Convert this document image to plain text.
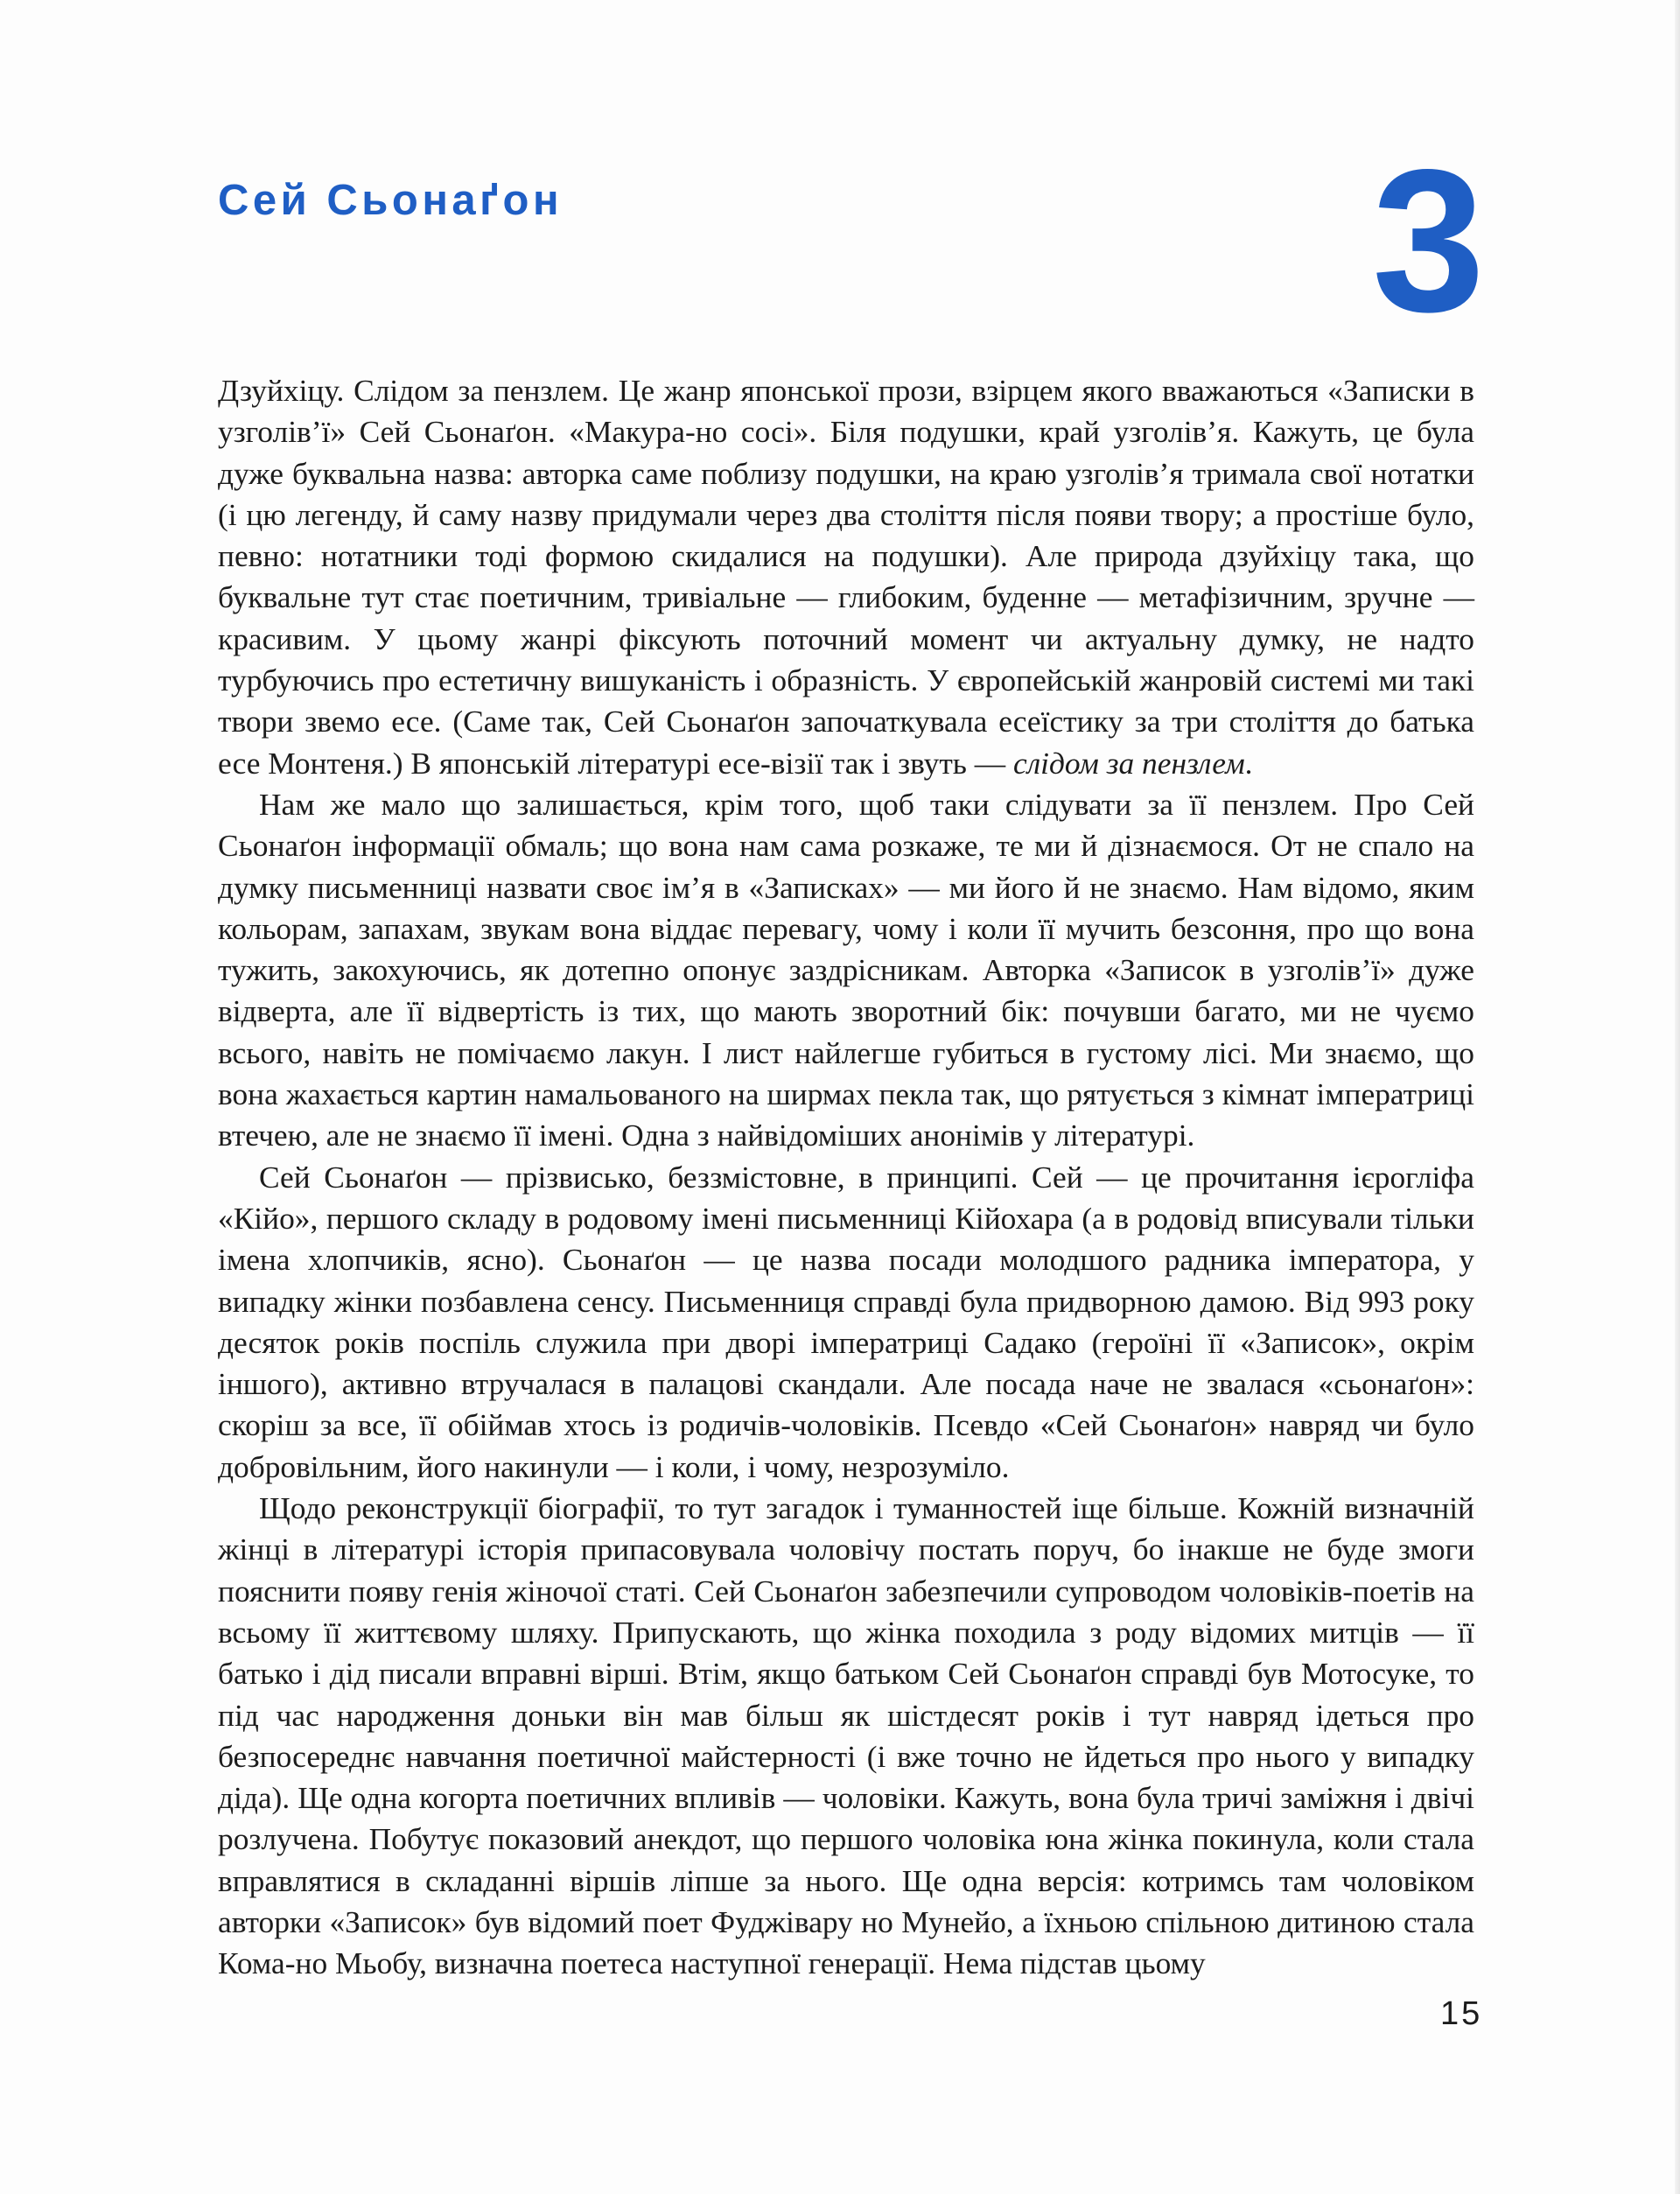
Сей Сьонаґон	3

Дзуйхіцу. Слідом за пензлем. Це жанр японської прози, взірцем якого вважаються «Записки в узголів’ї» Сей Сьонаґон. «Макура-но сосі». Біля подушки, край узголів’я. Кажуть, це була дуже буквальна назва: авторка саме поблизу подушки, на краю узголів’я тримала свої нотатки (і цю легенду, й саму назву придумали через два століття після появи твору; а простіше було, певно: нотатники тоді формою скидалися на подушки). Але природа дзуйхіцу така, що буквальне тут стає поетичним, тривіальне — глибоким, буденне — метафізичним, зручне — красивим. У цьому жанрі фіксують поточний момент чи актуальну думку, не надто турбуючись про естетичну вишуканість і образність. У європейській жанровій системі ми такі твори звемо есе. (Саме так, Сей Сьонаґон започаткувала есеїстику за три століття до батька есе Монтеня.) В японській літературі есе-візії так і звуть — слідом за пензлем.

Нам же мало що залишається, крім того, щоб таки слідувати за її пензлем. Про Сей Сьонаґон інформації обмаль; що вона нам сама розкаже, те ми й дізнаємося. От не спало на думку письменниці назвати своє ім’я в «Записках» — ми його й не знаємо. Нам відомо, яким кольорам, запахам, звукам вона віддає перевагу, чому і коли її мучить безсоння, про що вона тужить, закохуючись, як дотепно опонує заздрісникам. Авторка «Записок в узголів’ї» дуже відверта, але її відвертість із тих, що мають зворотний бік: почувши багато, ми не чуємо всього, навіть не помічаємо лакун. І лист найлегше губиться в густому лісі. Ми знаємо, що вона жахається картин намальованого на ширмах пекла так, що рятується з кімнат імператриці втечею, але не знаємо її імені. Одна з найвідоміших анонімів у літературі.

Сей Сьонаґон — прізвисько, беззмістовне, в принципі. Сей — це прочитання ієрогліфа «Кійо», першого складу в родовому імені письменниці Кійохара (а в родовід вписували тільки імена хлопчиків, ясно). Сьонаґон — це назва посади молодшого радника імператора, у випадку жінки позбавлена сенсу. Письменниця справді була придворною дамою. Від 993 року десяток років поспіль служила при дворі імператриці Садако (героїні її «Записок», окрім іншого), активно втручалася в палацові скандали. Але посада наче не звалася «сьонаґон»: скоріш за все, її обіймав хтось із родичів-чоловіків. Псевдо «Сей Сьонаґон» навряд чи було добровільним, його накинули — і коли, і чому, незрозуміло.

Щодо реконструкції біографії, то тут загадок і туманностей іще більше. Кожній визначній жінці в літературі історія припасовувала чоловічу постать поруч, бо інакше не буде змоги пояснити появу генія жіночої статі. Сей Сьонаґон забезпечили супроводом чоловіків-поетів на всьому її життєвому шляху. Припускають, що жінка походила з роду відомих митців — її батько і дід писали вправні вірші. Втім, якщо батьком Сей Сьонаґон справді був Мотосуке, то під час народження доньки він мав більш як шістдесят років і тут навряд ідеться про безпосереднє навчання поетичної майстерності (і вже точно не йдеться про нього у випадку діда). Ще одна когорта поетичних впливів — чоловіки. Кажуть, вона була тричі заміжня і двічі розлучена. Побутує показовий анекдот, що першого чоловіка юна жінка покинула, коли стала вправлятися в складанні віршів ліпше за нього. Ще одна версія: котримсь там чоловіком авторки «Записок» був відомий поет Фуджівару но Мунейо, а їхньою спільною дитиною стала Кома-но Мьобу, визначна поетеса наступної генерації. Нема підстав цьому

15
